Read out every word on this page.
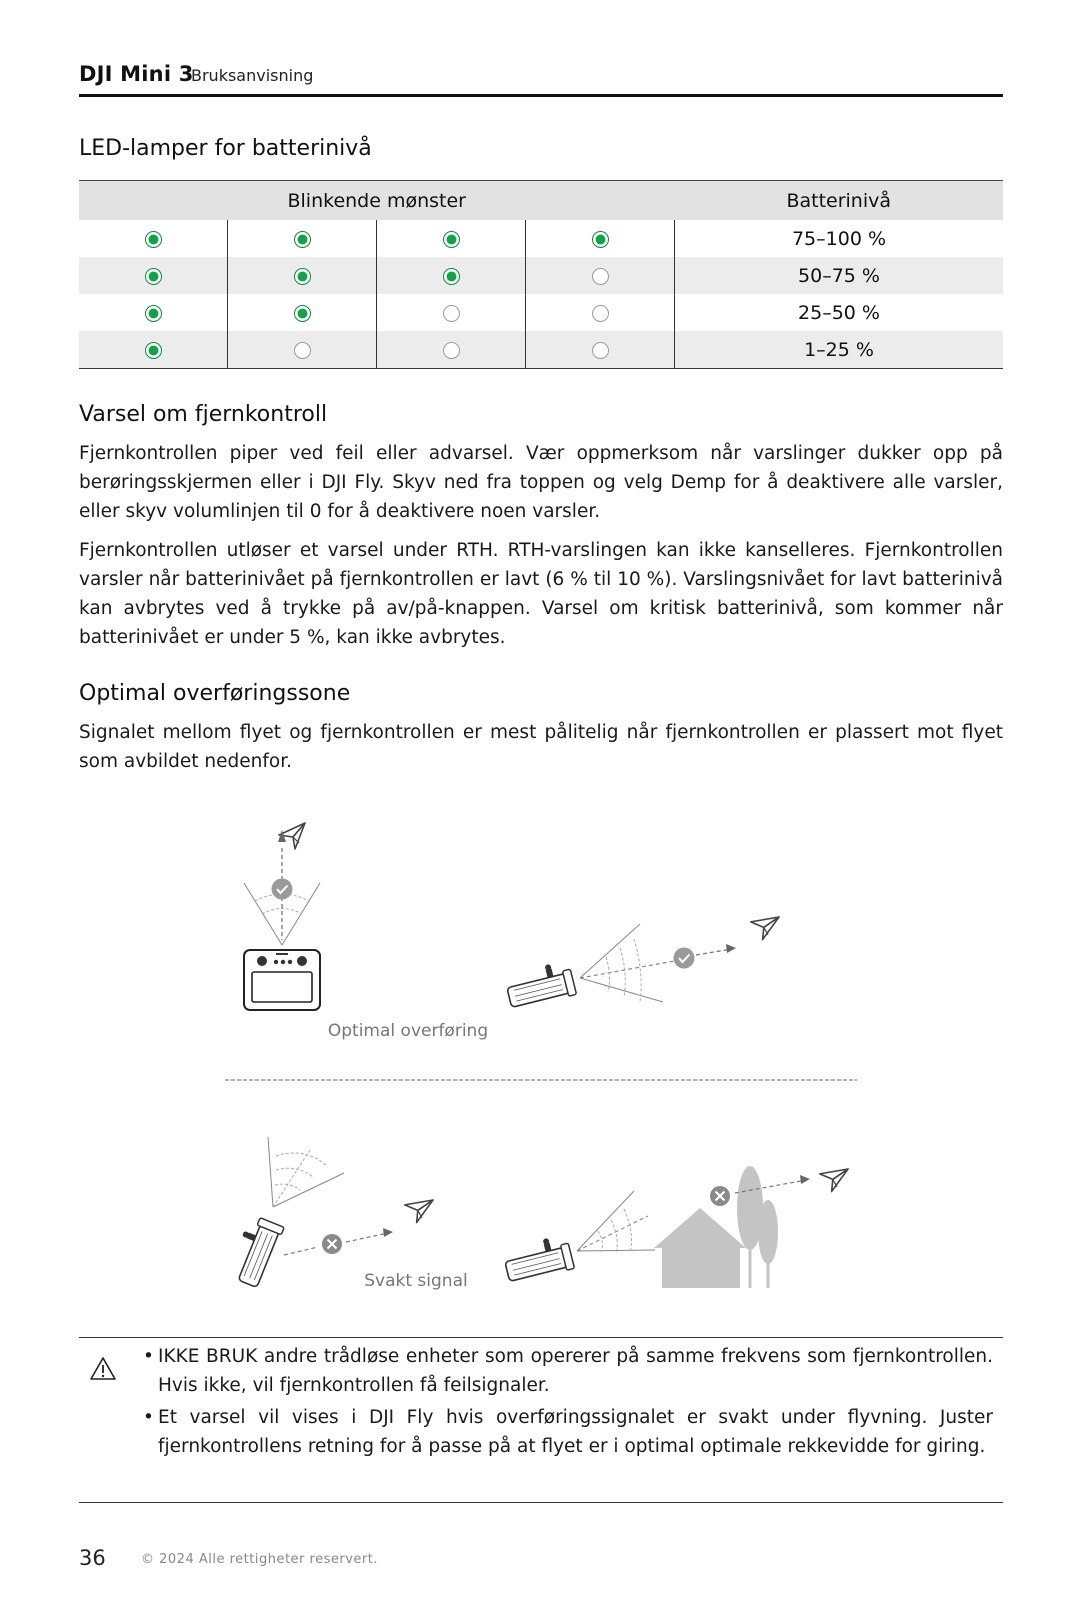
DJI Mini 3
Bruksanvisning
LED-lamper for batterinivå
Blinkende mønster				Batterinivå
				75–100 %
				50–75 %
				25–50 %
				1–25 %
Varsel om fjernkontroll

Fjernkontrollen piper ved feil eller advarsel. Vær oppmerksom når varslinger dukker opp på berøringsskjermen eller i DJI Fly. Skyv ned fra toppen og velg Demp for å deaktivere alle varsler, eller skyv volumlinjen til 0 for å deaktivere noen varsler.

Fjernkontrollen utløser et varsel under RTH. RTH-varslingen kan ikke kanselleres. Fjernkontrollen varsler når batterinivået på fjernkontrollen er lavt (6 % til 10 %). Varslingsnivået for lavt batterinivå kan avbrytes ved å trykke på av/på-knappen. Varsel om kritisk batterinivå, som kommer når batterinivået er under 5 %, kan ikke avbrytes.

Optimal overføringssone

Signalet mellom flyet og fjernkontrollen er mest pålitelig når fjernkontrollen er plassert mot flyet som avbildet nedenfor.

Optimal overføring
Svakt signal
• IKKE BRUK andre trådløse enheter som opererer på samme frekvens som fjernkontrollen. Hvis ikke, vil fjernkontrollen få feilsignaler.
• Et varsel vil vises i DJI Fly hvis overføringssignalet er svakt under flyvning. Juster fjernkontrollens retning for å passe på at flyet er i optimal optimale rekkevidde for giring.
36	© 2024 Alle rettigheter reservert.
